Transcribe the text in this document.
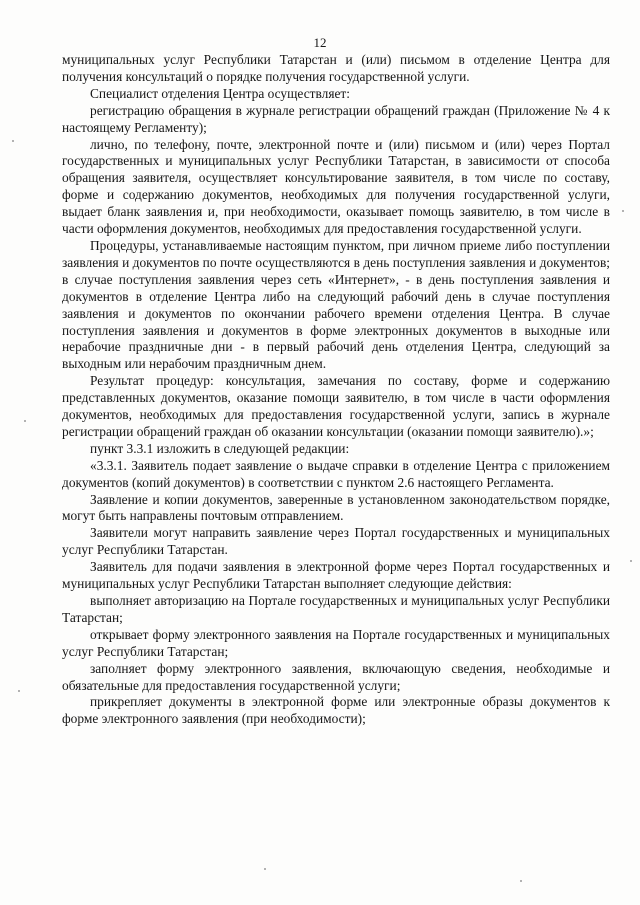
12

муниципальных услуг Республики Татарстан и (или) письмом в отделение Центра для получения консультаций о порядке получения государственной услуги.

Специалист отделения Центра осуществляет:

регистрацию обращения в журнале регистрации обращений граждан (Приложение № 4 к настоящему Регламенту);

лично, по телефону, почте, электронной почте и (или) письмом и (или) через Портал государственных и муниципальных услуг Республики Татарстан, в зависимости от способа обращения заявителя, осуществляет консультирование заявителя, в том числе по составу, форме и содержанию документов, необходимых для получения государственной услуги, выдает бланк заявления и, при необходимости, оказывает помощь заявителю, в том числе в части оформления документов, необходимых для предоставления государственной услуги.

Процедуры, устанавливаемые настоящим пунктом, при личном приеме либо поступлении заявления и документов по почте осуществляются в день поступления заявления и документов; в случае поступления заявления через сеть «Интернет», - в день поступления заявления и документов в отделение Центра либо на следующий рабочий день в случае поступления заявления и документов по окончании рабочего времени отделения Центра. В случае поступления заявления и документов в форме электронных документов в выходные или нерабочие праздничные дни - в первый рабочий день отделения Центра, следующий за выходным или нерабочим праздничным днем.

Результат процедур: консультация, замечания по составу, форме и содержанию представленных документов, оказание помощи заявителю, в том числе в части оформления документов, необходимых для предоставления государственной услуги, запись в журнале регистрации обращений граждан об оказании консультации (оказании помощи заявителю).»;

пункт 3.3.1 изложить в следующей редакции:

«3.3.1. Заявитель подает заявление о выдаче справки в отделение Центра с приложением документов (копий документов) в соответствии с пунктом 2.6 настоящего Регламента.

Заявление и копии документов, заверенные в установленном законодательством порядке, могут быть направлены почтовым отправлением.

Заявители могут направить заявление через Портал государственных и муниципальных услуг Республики Татарстан.

Заявитель для подачи заявления в электронной форме через Портал государственных и муниципальных услуг Республики Татарстан выполняет следующие действия:

выполняет авторизацию на Портале государственных и муниципальных услуг Республики Татарстан;

открывает форму электронного заявления на Портале государственных и муниципальных услуг Республики Татарстан;

заполняет форму электронного заявления, включающую сведения, необходимые и обязательные для предоставления государственной услуги;

прикрепляет документы в электронной форме или электронные образы документов к форме электронного заявления (при необходимости);
